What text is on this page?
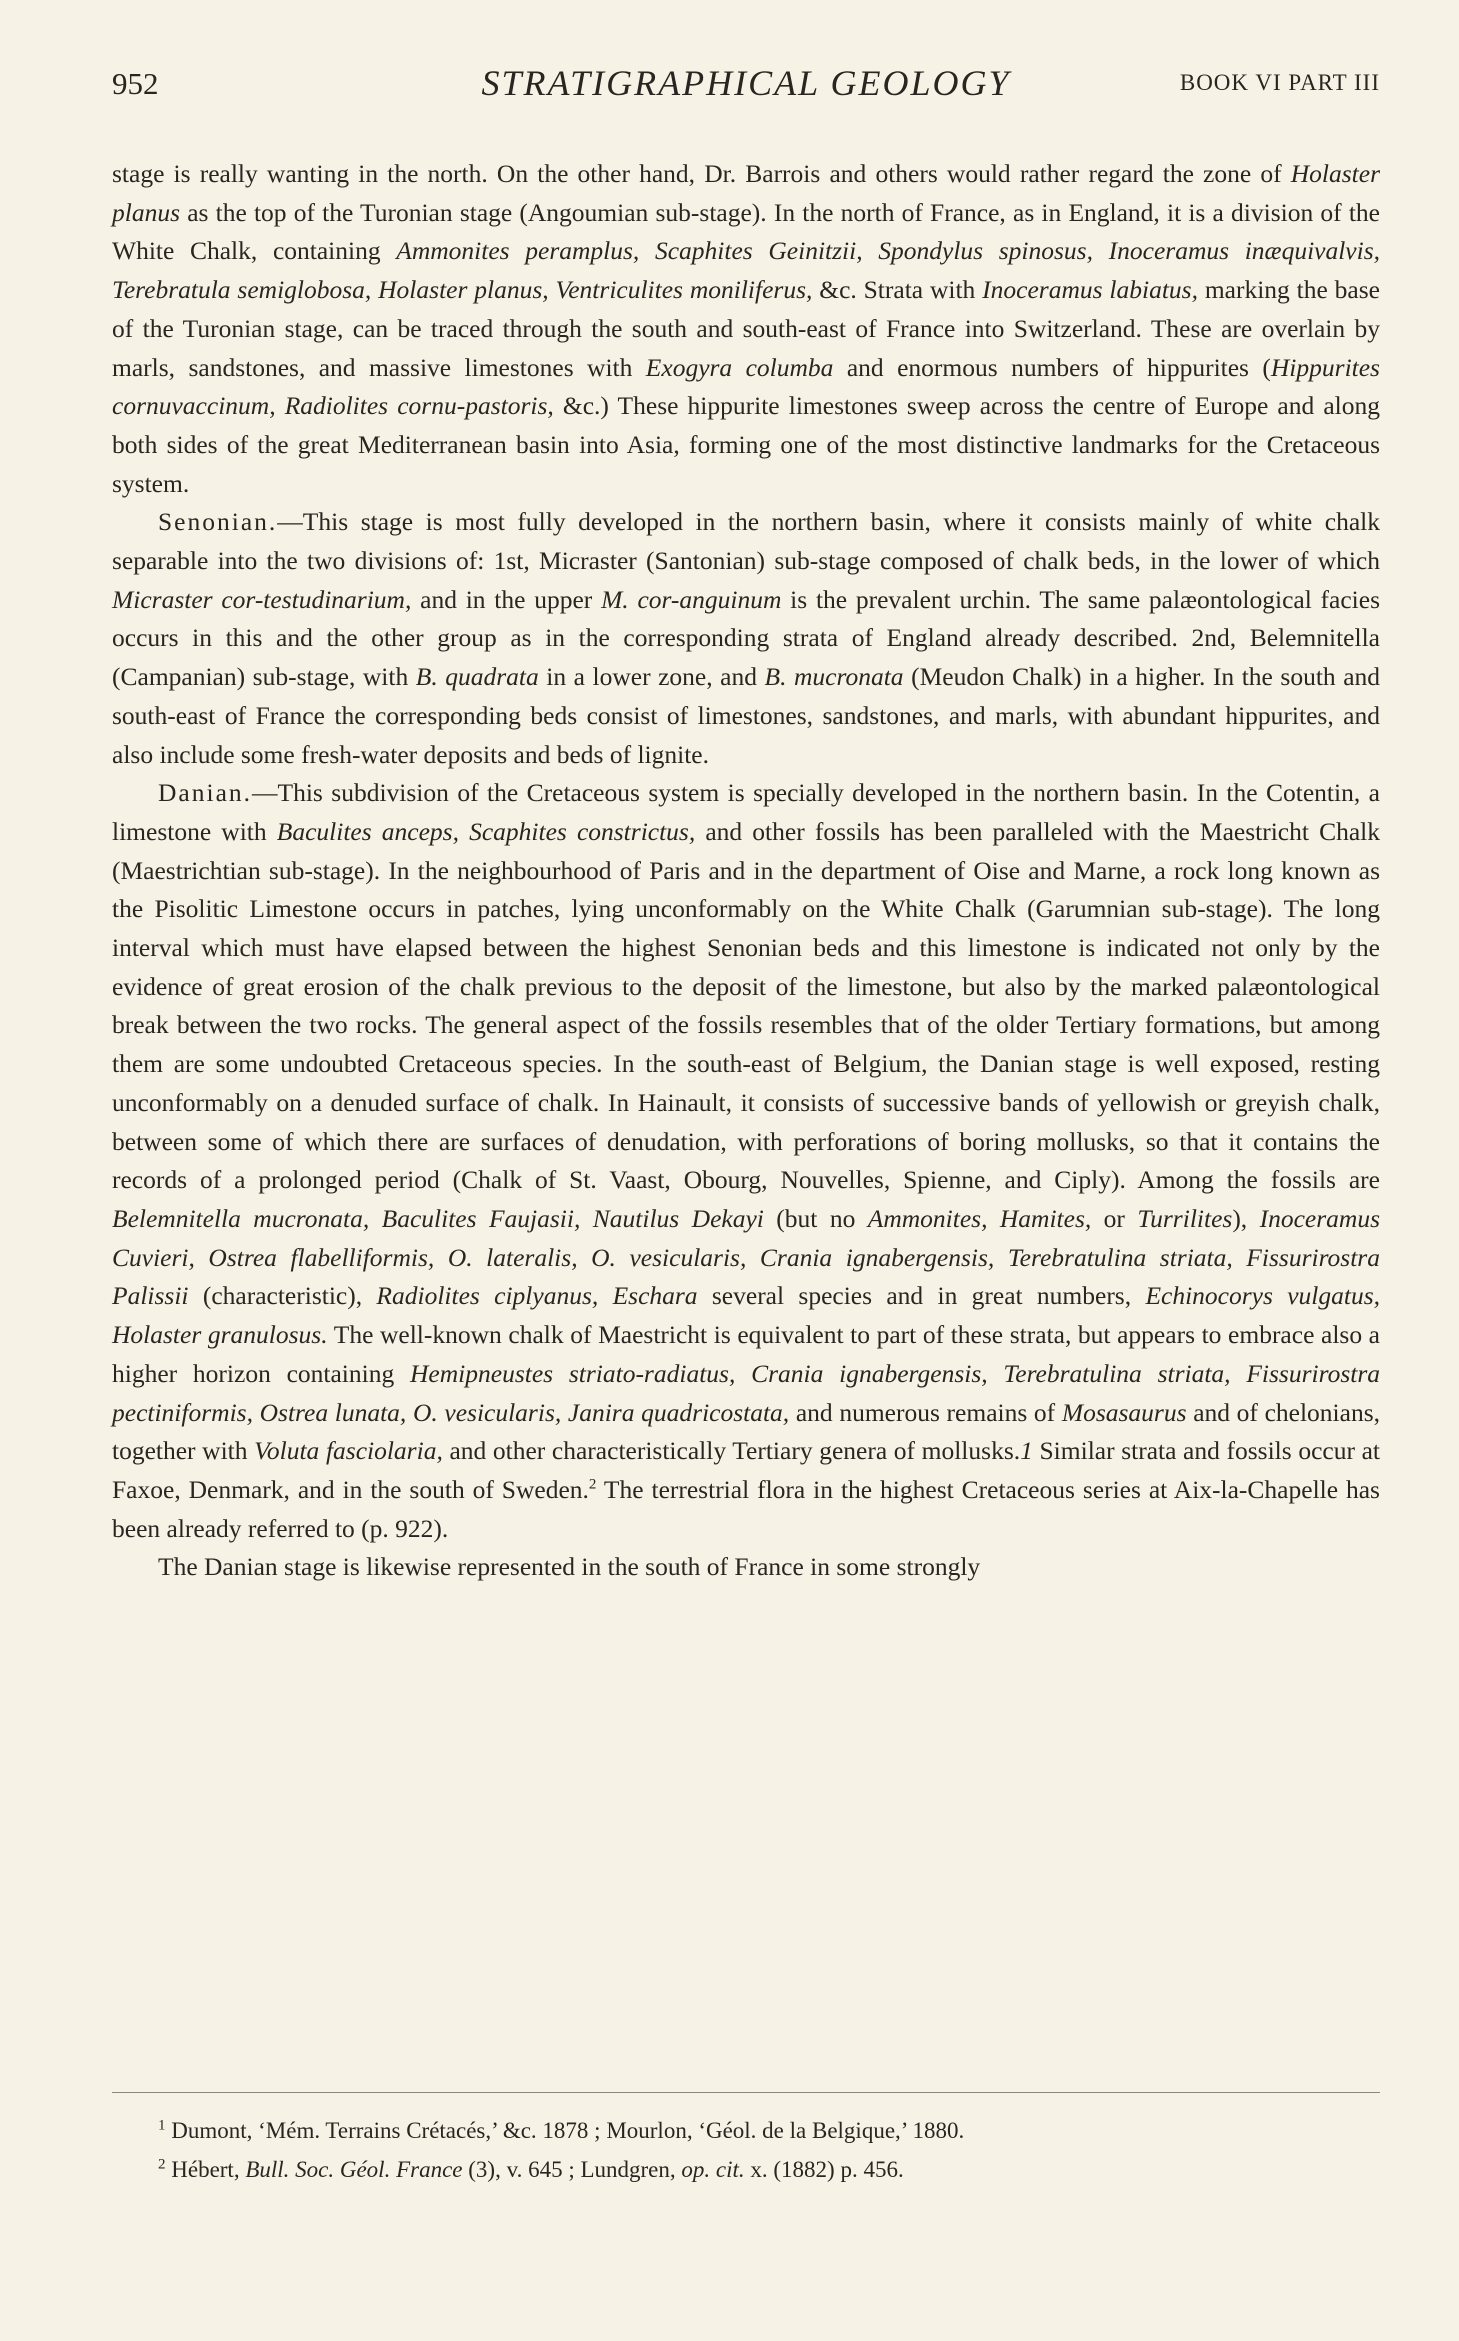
952	STRATIGRAPHICAL GEOLOGY	BOOK VI PART III

stage is really wanting in the north. On the other hand, Dr. Barrois and others would rather regard the zone of Holaster planus as the top of the Turonian stage (Angoumian sub-stage). In the north of France, as in England, it is a division of the White Chalk, containing Ammonites peramplus, Scaphites Geinitzii, Spondylus spinosus, Inoceramus inæquivalvis, Terebratula semiglobosa, Holaster planus, Ventriculites moniliferus, &c. Strata with Inoceramus labiatus, marking the base of the Turonian stage, can be traced through the south and south-east of France into Switzerland. These are overlain by marls, sandstones, and massive limestones with Exogyra columba and enormous numbers of hippurites (Hippurites cornuvaccinum, Radiolites cornu-pastoris, &c.) These hippurite limestones sweep across the centre of Europe and along both sides of the great Mediterranean basin into Asia, forming one of the most distinctive landmarks for the Cretaceous system.

Senonian.—This stage is most fully developed in the northern basin, where it consists mainly of white chalk separable into the two divisions of: 1st, Micraster (Santonian) sub-stage composed of chalk beds, in the lower of which Micraster cor-testudinarium, and in the upper M. cor-anguinum is the prevalent urchin. The same palæontological facies occurs in this and the other group as in the corresponding strata of England already described. 2nd, Belemnitella (Campanian) sub-stage, with B. quadrata in a lower zone, and B. mucronata (Meudon Chalk) in a higher. In the south and south-east of France the corresponding beds consist of limestones, sandstones, and marls, with abundant hippurites, and also include some fresh-water deposits and beds of lignite.

Danian.—This subdivision of the Cretaceous system is specially developed in the northern basin. In the Cotentin, a limestone with Baculites anceps, Scaphites constrictus, and other fossils has been paralleled with the Maestricht Chalk (Maestrichtian sub-stage). In the neighbourhood of Paris and in the department of Oise and Marne, a rock long known as the Pisolitic Limestone occurs in patches, lying unconformably on the White Chalk (Garumnian sub-stage). The long interval which must have elapsed between the highest Senonian beds and this limestone is indicated not only by the evidence of great erosion of the chalk previous to the deposit of the limestone, but also by the marked palæontological break between the two rocks. The general aspect of the fossils resembles that of the older Tertiary formations, but among them are some undoubted Cretaceous species. In the south-east of Belgium, the Danian stage is well exposed, resting unconformably on a denuded surface of chalk. In Hainault, it consists of successive bands of yellowish or greyish chalk, between some of which there are surfaces of denudation, with perforations of boring mollusks, so that it contains the records of a prolonged period (Chalk of St. Vaast, Obourg, Nouvelles, Spienne, and Ciply). Among the fossils are Belemnitella mucronata, Baculites Faujasii, Nautilus Dekayi (but no Ammonites, Hamites, or Turrilites), Inoceramus Cuvieri, Ostrea flabelliformis, O. lateralis, O. vesicularis, Crania ignabergensis, Terebratulina striata, Fissurirostra Palissii (characteristic), Radiolites ciplyanus, Eschara several species and in great numbers, Echinocorys vulgatus, Holaster granulosus. The well-known chalk of Maestricht is equivalent to part of these strata, but appears to embrace also a higher horizon containing Hemipneustes striato-radiatus, Crania ignabergensis, Terebratulina striata, Fissurirostra pectiniformis, Ostrea lunata, O. vesicularis, Janira quadricostata, and numerous remains of Mosasaurus and of chelonians, together with Voluta fasciolaria, and other characteristically Tertiary genera of mollusks.1 Similar strata and fossils occur at Faxoe, Denmark, and in the south of Sweden.$^2$ The terrestrial flora in the highest Cretaceous series at Aix-la-Chapelle has been already referred to (p. 922).

The Danian stage is likewise represented in the south of France in some strongly

$^1$ Dumont, ‘Mém. Terrains Crétacés,’ &c. 1878 ; Mourlon, ‘Géol. de la Belgique,’ 1880.

$^2$ Hébert, Bull. Soc. Géol. France (3), v. 645 ; Lundgren, op. cit. x. (1882) p. 456.
